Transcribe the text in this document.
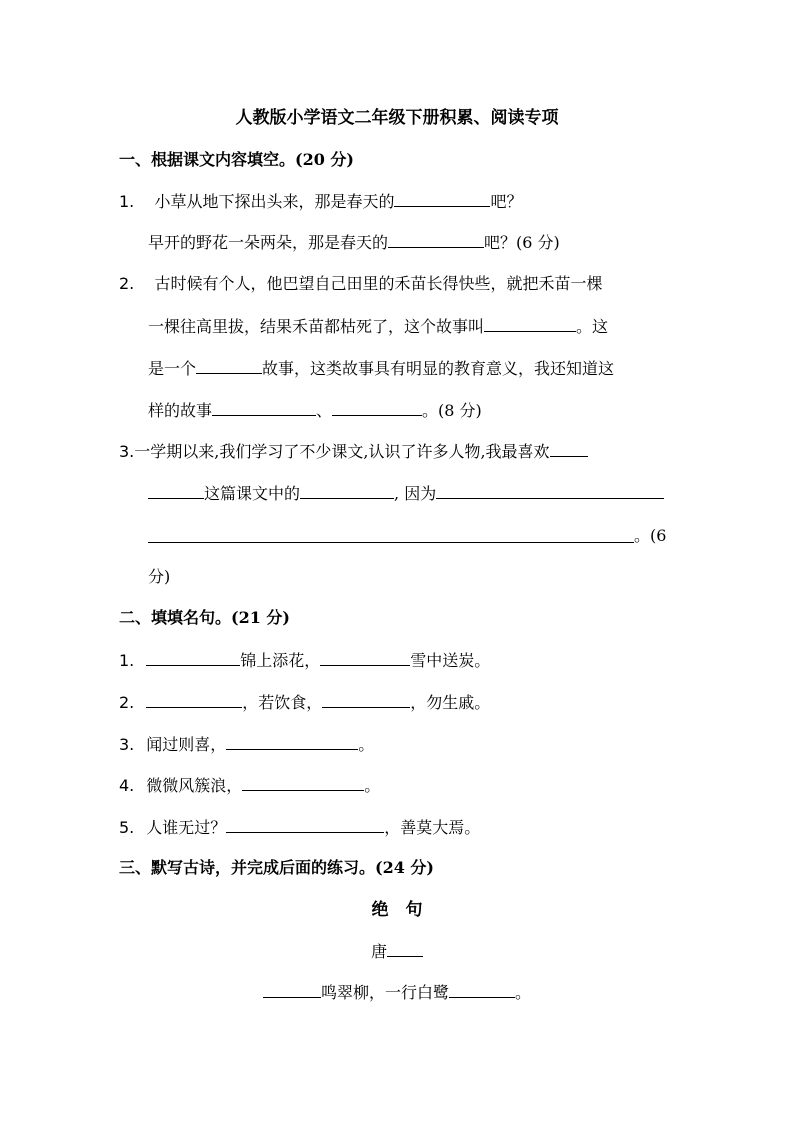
人教版小学语文二年级下册积累、阅读专项
一、根据课文内容填空。(20 分)
1. 小草从地下探出头来，那是春天的	吧？
早开的野花一朵两朵，那是春天的	吧？(6 分)
2. 古时候有个人，他巴望自己田里的禾苗长得快些，就把禾苗一棵
一棵往高里拔，结果禾苗都枯死了，这个故事叫	。这
是一个	故事，这类故事具有明显的教育意义，我还知道这
样的故事	、	。(8 分)
3.一学期以来,我们学习了不少课文,认识了许多人物,我最喜欢
这篇课文中的	, 因为
。(6
分)
二、填填名句。(21 分)
1.	锦上添花，	雪中送炭。
2.	，若饮食，	，勿生戚。
3. 闻过则喜，	。
4. 微微风簇浪，	。
5. 人谁无过？	，善莫大焉。
三、默写古诗，并完成后面的练习。(24 分)
绝　句
唐
鸣翠柳，一行白鹭	。
